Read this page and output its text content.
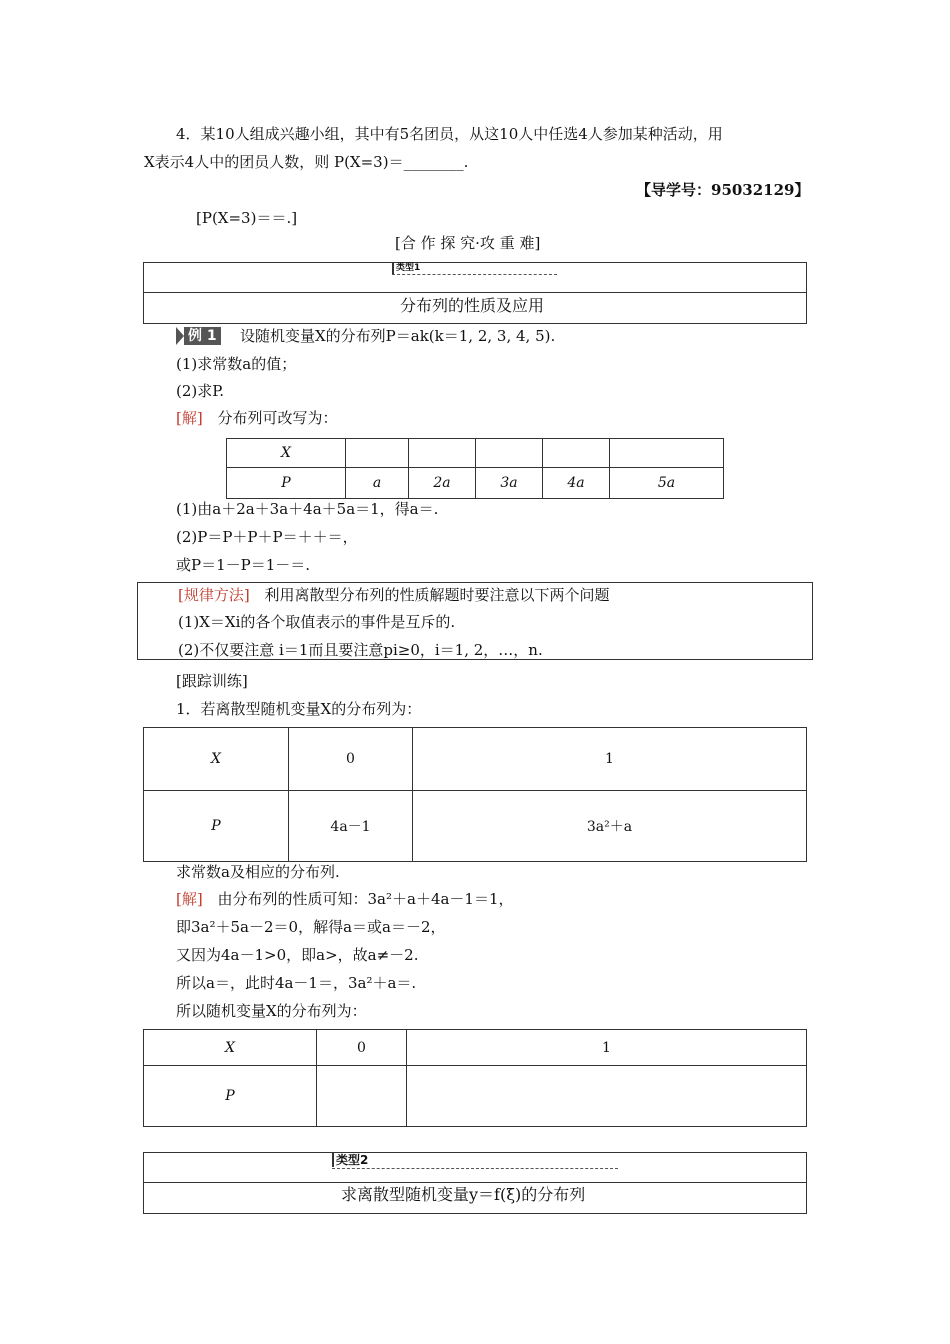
4．某10人组成兴趣小组，其中有5名团员，从这10人中任选4人参加某种活动，用
X表示4人中的团员人数，则 P(X=3)＝________.
【导学号：95032129】
[P(X=3)＝＝.]
[合 作 探 究·攻 重 难]
类型1
分布列的性质及应用
例 1 设随机变量X的分布列P＝ak(k＝1, 2, 3, 4, 5).
(1)求常数a的值；
(2)求P.
[解] 分布列可改写为：
X					
P	a	2a	3a	4a	5a
(1)由a＋2a＋3a＋4a＋5a＝1，得a＝.
(2)P＝P＋P＋P＝＋＋＝，
或P＝1－P＝1－＝.
[规律方法] 利用离散型分布列的性质解题时要注意以下两个问题
(1)X＝Xi的各个取值表示的事件是互斥的.
(2)不仅要注意 i＝1而且要注意pi≥0，i＝1, 2，…，n.
[跟踪训练]
1．若离散型随机变量X的分布列为：
X	0	1
P	4a－1	3a²＋a
求常数a及相应的分布列.
[解] 由分布列的性质可知：3a²＋a＋4a－1＝1，
即3a²＋5a－2＝0，解得a＝或a＝－2，
又因为4a－1>0，即a>，故a≠－2.
所以a＝，此时4a－1＝，3a²＋a＝.
所以随机变量X的分布列为：
X	0	1
P		
类型2
求离散型随机变量y＝f(ξ)的分布列
